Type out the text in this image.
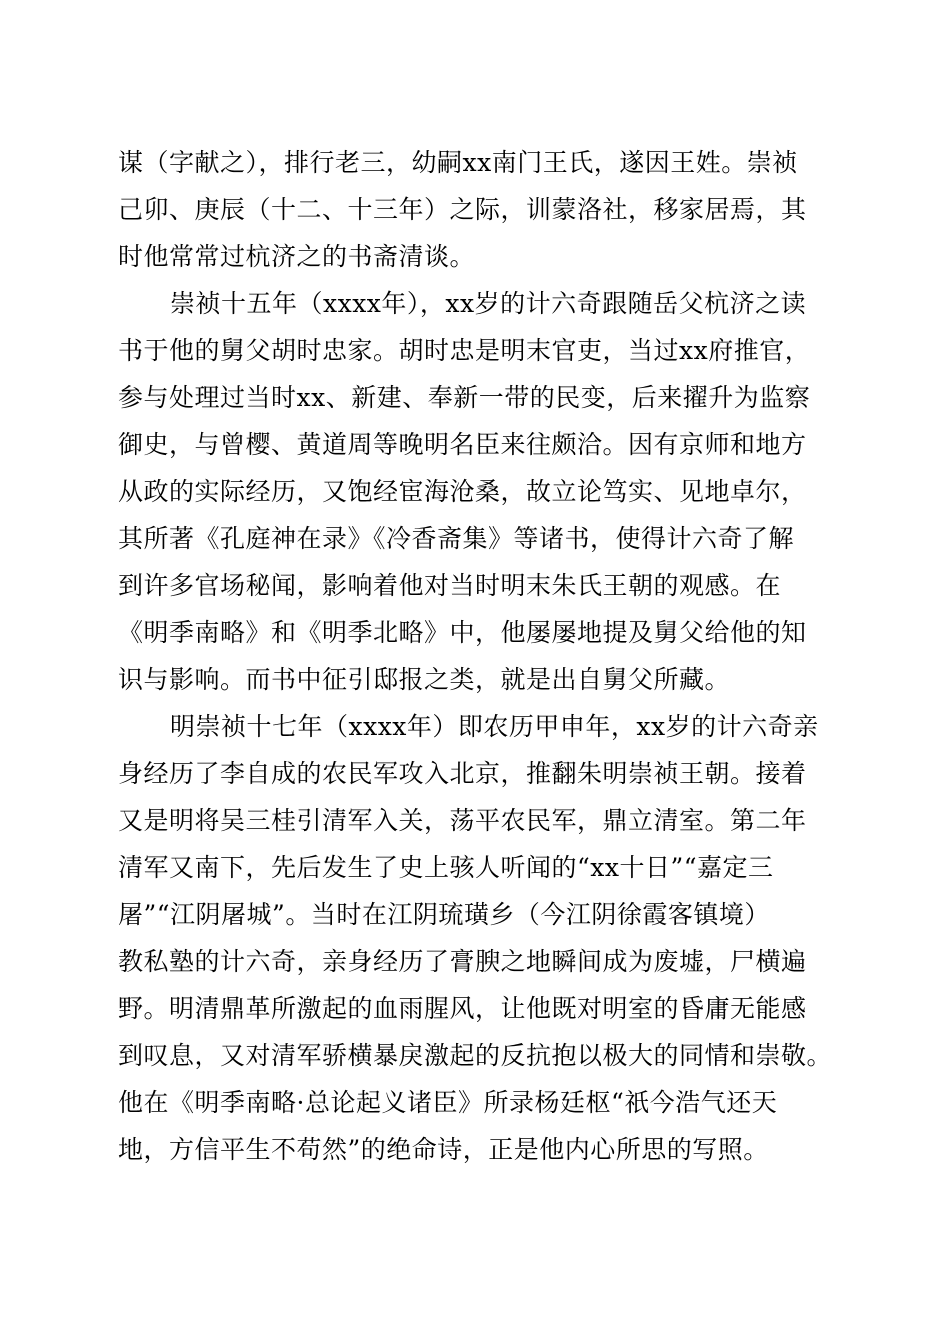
谋（字献之），排行老三，幼嗣xx南门王氏，遂因王姓。崇祯
己卯、庚辰（十二、十三年）之际，训蒙洛社，移家居焉，其
时他常常过杭济之的书斋清谈。
崇祯十五年（xxxx年），xx岁的计六奇跟随岳父杭济之读
书于他的舅父胡时忠家。胡时忠是明末官吏，当过xx府推官，
参与处理过当时xx、新建、奉新一带的民变，后来擢升为监察
御史，与曾樱、黄道周等晚明名臣来往颇洽。因有京师和地方
从政的实际经历，又饱经宦海沧桑，故立论笃实、见地卓尔，
其所著《孔庭神在录》《冷香斋集》等诸书，使得计六奇了解
到许多官场秘闻，影响着他对当时明末朱氏王朝的观感。在
《明季南略》和《明季北略》中，他屡屡地提及舅父给他的知
识与影响。而书中征引邸报之类，就是出自舅父所藏。
明崇祯十七年（xxxx年）即农历甲申年，xx岁的计六奇亲
身经历了李自成的农民军攻入北京，推翻朱明崇祯王朝。接着
又是明将吴三桂引清军入关，荡平农民军，鼎立清室。第二年
清军又南下，先后发生了史上骇人听闻的“xx十日”“嘉定三
屠”“江阴屠城”。当时在江阴琉璜乡（今江阴徐霞客镇境）
教私塾的计六奇，亲身经历了膏腴之地瞬间成为废墟，尸横遍
野。明清鼎革所激起的血雨腥风，让他既对明室的昏庸无能感
到叹息，又对清军骄横暴戾激起的反抗抱以极大的同情和崇敬。
他在《明季南略·总论起义诸臣》所录杨廷枢“祇今浩气还天
地，方信平生不苟然”的绝命诗，正是他内心所思的写照。
